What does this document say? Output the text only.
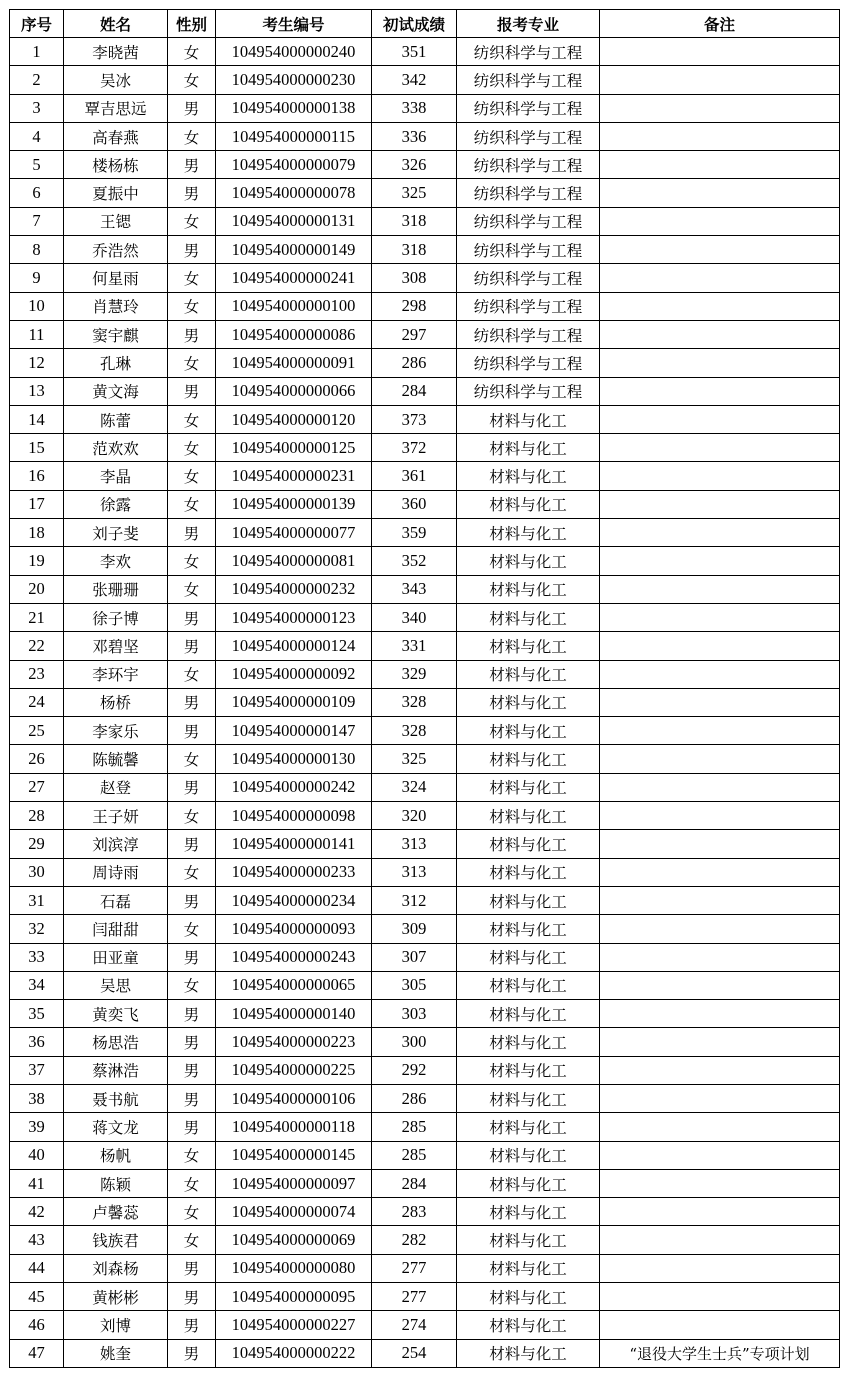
序号	姓名	性别	考生编号	初试成绩	报考专业	备注
1	李晓茜	女	104954000000240	351	纺织科学与工程	
2	吴冰	女	104954000000230	342	纺织科学与工程	
3	覃吉思远	男	104954000000138	338	纺织科学与工程	
4	高春燕	女	104954000000115	336	纺织科学与工程	
5	楼杨栋	男	104954000000079	326	纺织科学与工程	
6	夏振中	男	104954000000078	325	纺织科学与工程	
7	王锶	女	104954000000131	318	纺织科学与工程	
8	乔浩然	男	104954000000149	318	纺织科学与工程	
9	何星雨	女	104954000000241	308	纺织科学与工程	
10	肖慧玲	女	104954000000100	298	纺织科学与工程	
11	窦宇麒	男	104954000000086	297	纺织科学与工程	
12	孔琳	女	104954000000091	286	纺织科学与工程	
13	黄文海	男	104954000000066	284	纺织科学与工程	
14	陈蕾	女	104954000000120	373	材料与化工	
15	范欢欢	女	104954000000125	372	材料与化工	
16	李晶	女	104954000000231	361	材料与化工	
17	徐露	女	104954000000139	360	材料与化工	
18	刘子斐	男	104954000000077	359	材料与化工	
19	李欢	女	104954000000081	352	材料与化工	
20	张珊珊	女	104954000000232	343	材料与化工	
21	徐子博	男	104954000000123	340	材料与化工	
22	邓碧坚	男	104954000000124	331	材料与化工	
23	李环宇	女	104954000000092	329	材料与化工	
24	杨桥	男	104954000000109	328	材料与化工	
25	李家乐	男	104954000000147	328	材料与化工	
26	陈毓馨	女	104954000000130	325	材料与化工	
27	赵登	男	104954000000242	324	材料与化工	
28	王子妍	女	104954000000098	320	材料与化工	
29	刘滨淳	男	104954000000141	313	材料与化工	
30	周诗雨	女	104954000000233	313	材料与化工	
31	石磊	男	104954000000234	312	材料与化工	
32	闫甜甜	女	104954000000093	309	材料与化工	
33	田亚童	男	104954000000243	307	材料与化工	
34	吴思	女	104954000000065	305	材料与化工	
35	黄奕飞	男	104954000000140	303	材料与化工	
36	杨思浩	男	104954000000223	300	材料与化工	
37	蔡淋浩	男	104954000000225	292	材料与化工	
38	聂书航	男	104954000000106	286	材料与化工	
39	蒋文龙	男	104954000000118	285	材料与化工	
40	杨帆	女	104954000000145	285	材料与化工	
41	陈颖	女	104954000000097	284	材料与化工	
42	卢馨蕊	女	104954000000074	283	材料与化工	
43	钱族君	女	104954000000069	282	材料与化工	
44	刘森杨	男	104954000000080	277	材料与化工	
45	黄彬彬	男	104954000000095	277	材料与化工	
46	刘博	男	104954000000227	274	材料与化工	
47	姚奎	男	104954000000222	254	材料与化工	“退役大学生士兵”专项计划
